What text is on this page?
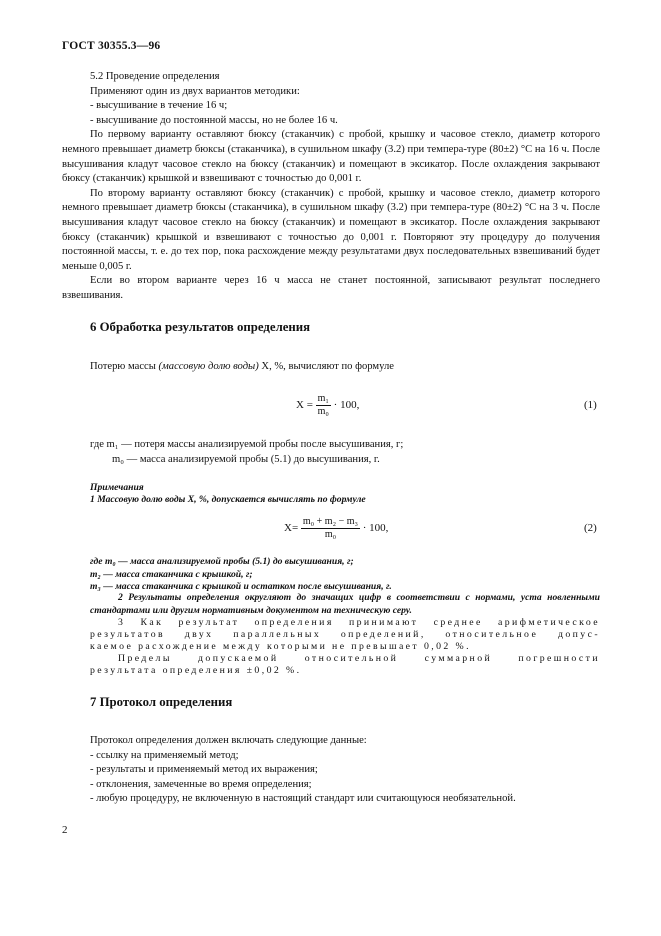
ГОСТ 30355.3—96

5.2 Проведение определения

Применяют один из двух вариантов методики:

- высушивание в течение 16 ч;

- высушивание до постоянной массы, но не более 16 ч.

По первому варианту оставляют бюксу (стаканчик) с пробой, крышку и часовое стекло, диаметр которого немного превышает диаметр бюксы (стаканчика), в сушильном шкафу (3.2) при темпера-туре (80±2) °С на 16 ч. После высушивания кладут часовое стекло на бюксу (стаканчик) и помещают в эксикатор. После охлаждения закрывают бюксу (стаканчик) крышкой и взвешивают с точностью до 0,001 г.

По второму варианту оставляют бюксу (стаканчик) с пробой, крышку и часовое стекло, диаметр которого немного превышает диаметр бюксы (стаканчика), в сушильном шкафу (3.2) при темпера-туре (80±2) °С на 3 ч. После высушивания кладут часовое стекло на бюксу (стаканчик) и помещают в эксикатор. После охлаждения закрывают бюксу (стаканчик) крышкой и взвешивают с точностью до 0,001 г. Повторяют эту процедуру до получения постоянной массы, т. е. до тех пор, пока расхождение между результатами двух последовательных взвешиваний будет меньше 0,005 г.

Если во втором варианте через 16 ч масса не станет постоянной, записывают результат последнего взвешивания.

6 Обработка результатов определения
Потерю массы (массовую долю воды) X, %, вычисляют по формуле
$X = \frac{\text{m₁}}{\text{m₀}} \cdot 100$,	(1)

где m₁ — потеря массы анализируемой пробы после высушивания, г;

m₀ — масса анализируемой пробы (5.1) до высушивания, г.

Примечания
1 Массовую долю воды X, %, допускается вычислять по формуле
$X= \frac{\text{m₀ + m₂ − m₃}}{\text{m₀}} \cdot 100$,	(2)
где m₀ — масса анализируемой пробы (5.1) до высушивания, г;
m₂ — масса стаканчика с крышкой, г;
m₃ — масса стаканчика с крышкой и остатком после высушивания, г.
2 Результаты определения округляют до значащих цифр в соответствии с нормами, уста новленными стандартами или другим нормативным документом на техническую серу.
3 Как результат определения принимают среднее арифметическое
результатов двух параллельных определений, относительное допус-
каемое расхождение между которыми не превышает 0,02 %.
Пределы допускаемой относительной суммарной погрешности
результата определения ±0,02 %.
7 Протокол определения

Протокол определения должен включать следующие данные:

- ссылку на применяемый метод;

- результаты и применяемый метод их выражения;

- отклонения, замеченные во время определения;

- любую процедуру, не включенную в настоящий стандарт или считающуюся необязательной.

2
